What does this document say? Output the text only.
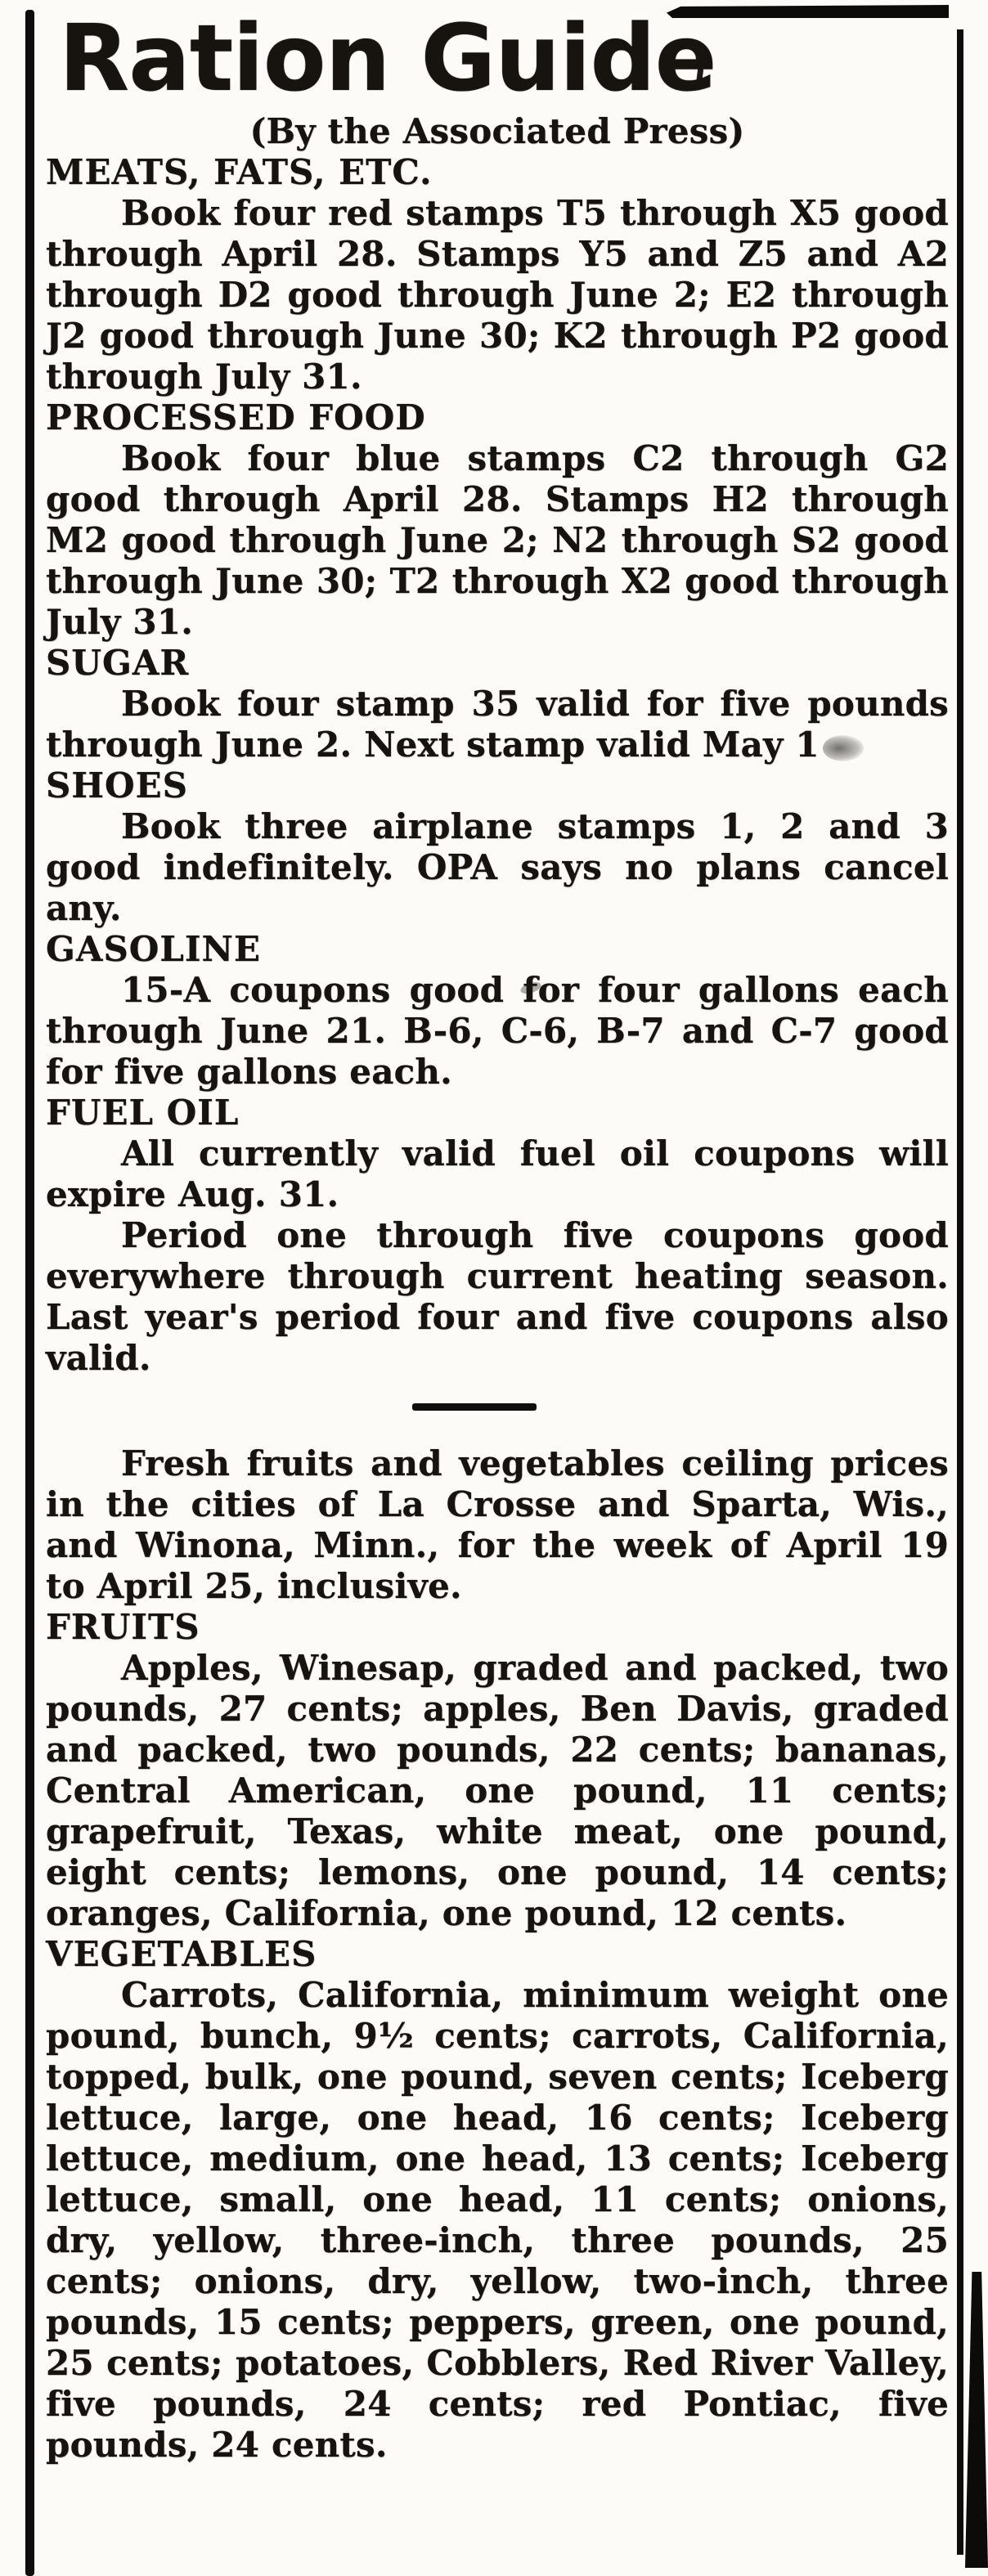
Ration Guide
(By the Associated Press)
MEATS, FATS, ETC.

Book four red stamps T5 through X5 good through April 28. Stamps Y5 and Z5 and A2 through D2 good through June 2; E2 through J2 good through June 30; K2 through P2 good through July 31.

PROCESSED FOOD

Book four blue stamps C2 through G2 good through April 28. Stamps H2 through M2 good through June 2; N2 through S2 good through June 30; T2 through X2 good through July 31.

SUGAR

Book four stamp 35 valid for five pounds through June 2. Next stamp valid May 1

SHOES

Book three airplane stamps 1, 2 and 3 good indefinitely. OPA says no plans cancel any.

GASOLINE

15-A coupons good for four gallons each through June 21. B-6, C-6, B-7 and C-7 good for five gallons each.

FUEL OIL

All currently valid fuel oil coupons will expire Aug. 31.

Period one through five coupons good everywhere through current heating season. Last year's period four and five coupons also valid.

Fresh fruits and vegetables ceiling prices in the cities of La Crosse and Sparta, Wis., and Winona, Minn., for the week of April 19 to April 25, inclusive.

FRUITS

Apples, Winesap, graded and packed, two pounds, 27 cents; apples, Ben Davis, graded and packed, two pounds, 22 cents; bananas, Central American, one pound, 11 cents; grapefruit, Texas, white meat, one pound, eight cents; lemons, one pound, 14 cents; oranges, California, one pound, 12 cents.

VEGETABLES

Carrots, California, minimum weight one pound, bunch, 9½ cents; carrots, California, topped, bulk, one pound, seven cents; Iceberg lettuce, large, one head, 16 cents; Iceberg lettuce, medium, one head, 13 cents; Iceberg lettuce, small, one head, 11 cents; onions, dry, yellow, three-inch, three pounds, 25 cents; onions, dry, yellow, two-inch, three pounds, 15 cents; peppers, green, one pound, 25 cents; potatoes, Cobblers, Red River Valley, five pounds, 24 cents; red Pontiac, five pounds, 24 cents.
